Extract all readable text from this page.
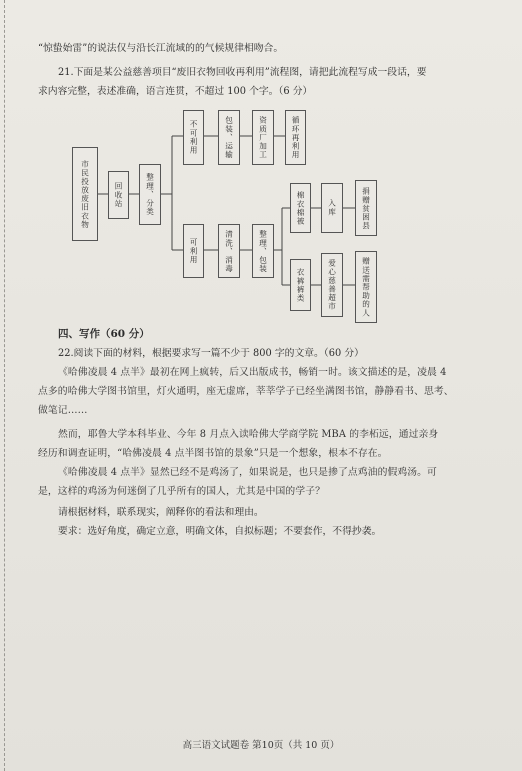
“惊蛰始雷”的说法仅与沿长江流域的的气候规律相吻合。
21.下面是某公益慈善项目“废旧衣物回收再利用”流程图，请把此流程写成一段话，要
求内容完整，表述准确，语言连贯，不超过 100 个字。（6 分）
市民投放废旧衣物	回收站	整理、分类
不可利用	包装、运输	资质厂加工	循环再利用
可利用	清洗、消毒	整理、包装
棉衣棉被	入库	捐赠贫困县
衣裤裤类	爱心慈善超市	赠送需帮助的人
四、写作（60 分）
22.阅读下面的材料，根据要求写一篇不少于 800 字的文章。（60 分）
《哈佛凌晨 4 点半》最初在网上疯转，后又出版成书，畅销一时。该文描述的是，凌晨 4
点多的哈佛大学图书馆里，灯火通明，座无虚席，莘莘学子已经坐满图书馆，静静看书、思考、
做笔记……
然而，耶鲁大学本科毕业、今年 8 月点入读哈佛大学商学院 MBA 的李柘远，通过亲身
经历和调查证明，“哈佛凌晨 4 点半图书馆的景象”只是一个想象，根本不存在。
《哈佛凌晨 4 点半》显然已经不是鸡汤了，如果说是，也只是掺了点鸡油的假鸡汤。可
是，这样的鸡汤为何迷倒了几乎所有的国人，尤其是中国的学子？
请根据材料，联系现实，阐释你的看法和理由。
要求：选好角度，确定立意，明确文体，自拟标题；不要套作，不得抄袭。
高三语文试题卷 第10页（共 10 页）
